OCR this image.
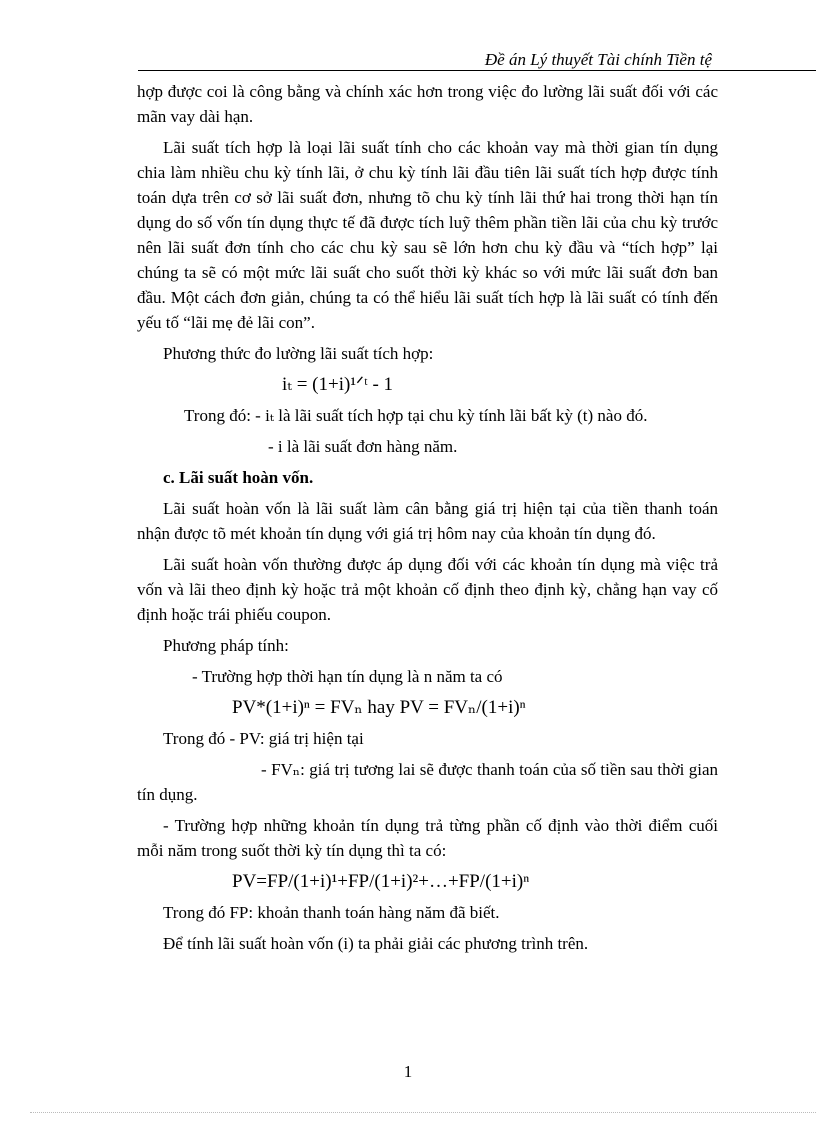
Đề án Lý thuyết Tài chính Tiền tệ

hợp được coi là công bằng và chính xác hơn trong việc đo lường lãi suất đối với các mãn vay dài hạn.

Lãi suất tích hợp là loại lãi suất tính cho các khoản vay mà thời gian tín dụng chia làm nhiều chu kỳ tính lãi, ở chu kỳ tính lãi đầu tiên lãi suất tích hợp được tính toán dựa trên cơ sở lãi suất đơn, nhưng tõ chu kỳ tính lãi thứ hai trong thời hạn tín dụng do số vốn tín dụng thực tế đã được tích luỹ thêm phần tiền lãi của chu kỳ trước nên lãi suất đơn tính cho các chu kỳ sau sẽ lớn hơn chu kỳ đầu và “tích hợp” lại chúng ta sẽ có một mức lãi suất cho suốt thời kỳ khác so với mức lãi suất đơn ban đầu. Một cách đơn giản, chúng ta có thể hiểu lãi suất tích hợp là lãi suất có tính đến yếu tố “lãi mẹ đẻ lãi con”.

Phương thức đo lường lãi suất tích hợp:

iₜ = (1+i)¹ᐟᵗ - 1

Trong đó: - iₜ là lãi suất tích hợp tại chu kỳ tính lãi bất kỳ (t) nào đó.

- i là lãi suất đơn hàng năm.

c. Lãi suất hoàn vốn.

Lãi suất hoàn vốn là lãi suất làm cân bằng giá trị hiện tại của tiền thanh toán nhận được tõ mét khoản tín dụng với giá trị hôm nay của khoản tín dụng đó.

Lãi suất hoàn vốn thường được áp dụng đối với các khoản tín dụng mà việc trả vốn và lãi theo định kỳ hoặc trả một khoản cố định theo định kỳ, chẳng hạn vay cố định hoặc trái phiếu coupon.

Phương pháp tính:

- Trường hợp thời hạn tín dụng là n năm ta có

PV*(1+i)ⁿ = FVₙ hay PV = FVₙ/(1+i)ⁿ

Trong đó - PV: giá trị hiện tại

- FVₙ: giá trị tương lai sẽ được thanh toán của số tiền sau thời gian tín dụng.

- Trường hợp những khoản tín dụng trả từng phần cố định vào thời điểm cuối mỗi năm trong suốt thời kỳ tín dụng thì ta có:

PV=FP/(1+i)¹+FP/(1+i)²+…+FP/(1+i)ⁿ

Trong đó FP: khoản thanh toán hàng năm đã biết.

Để tính lãi suất hoàn vốn (i) ta phải giải các phương trình trên.

1
